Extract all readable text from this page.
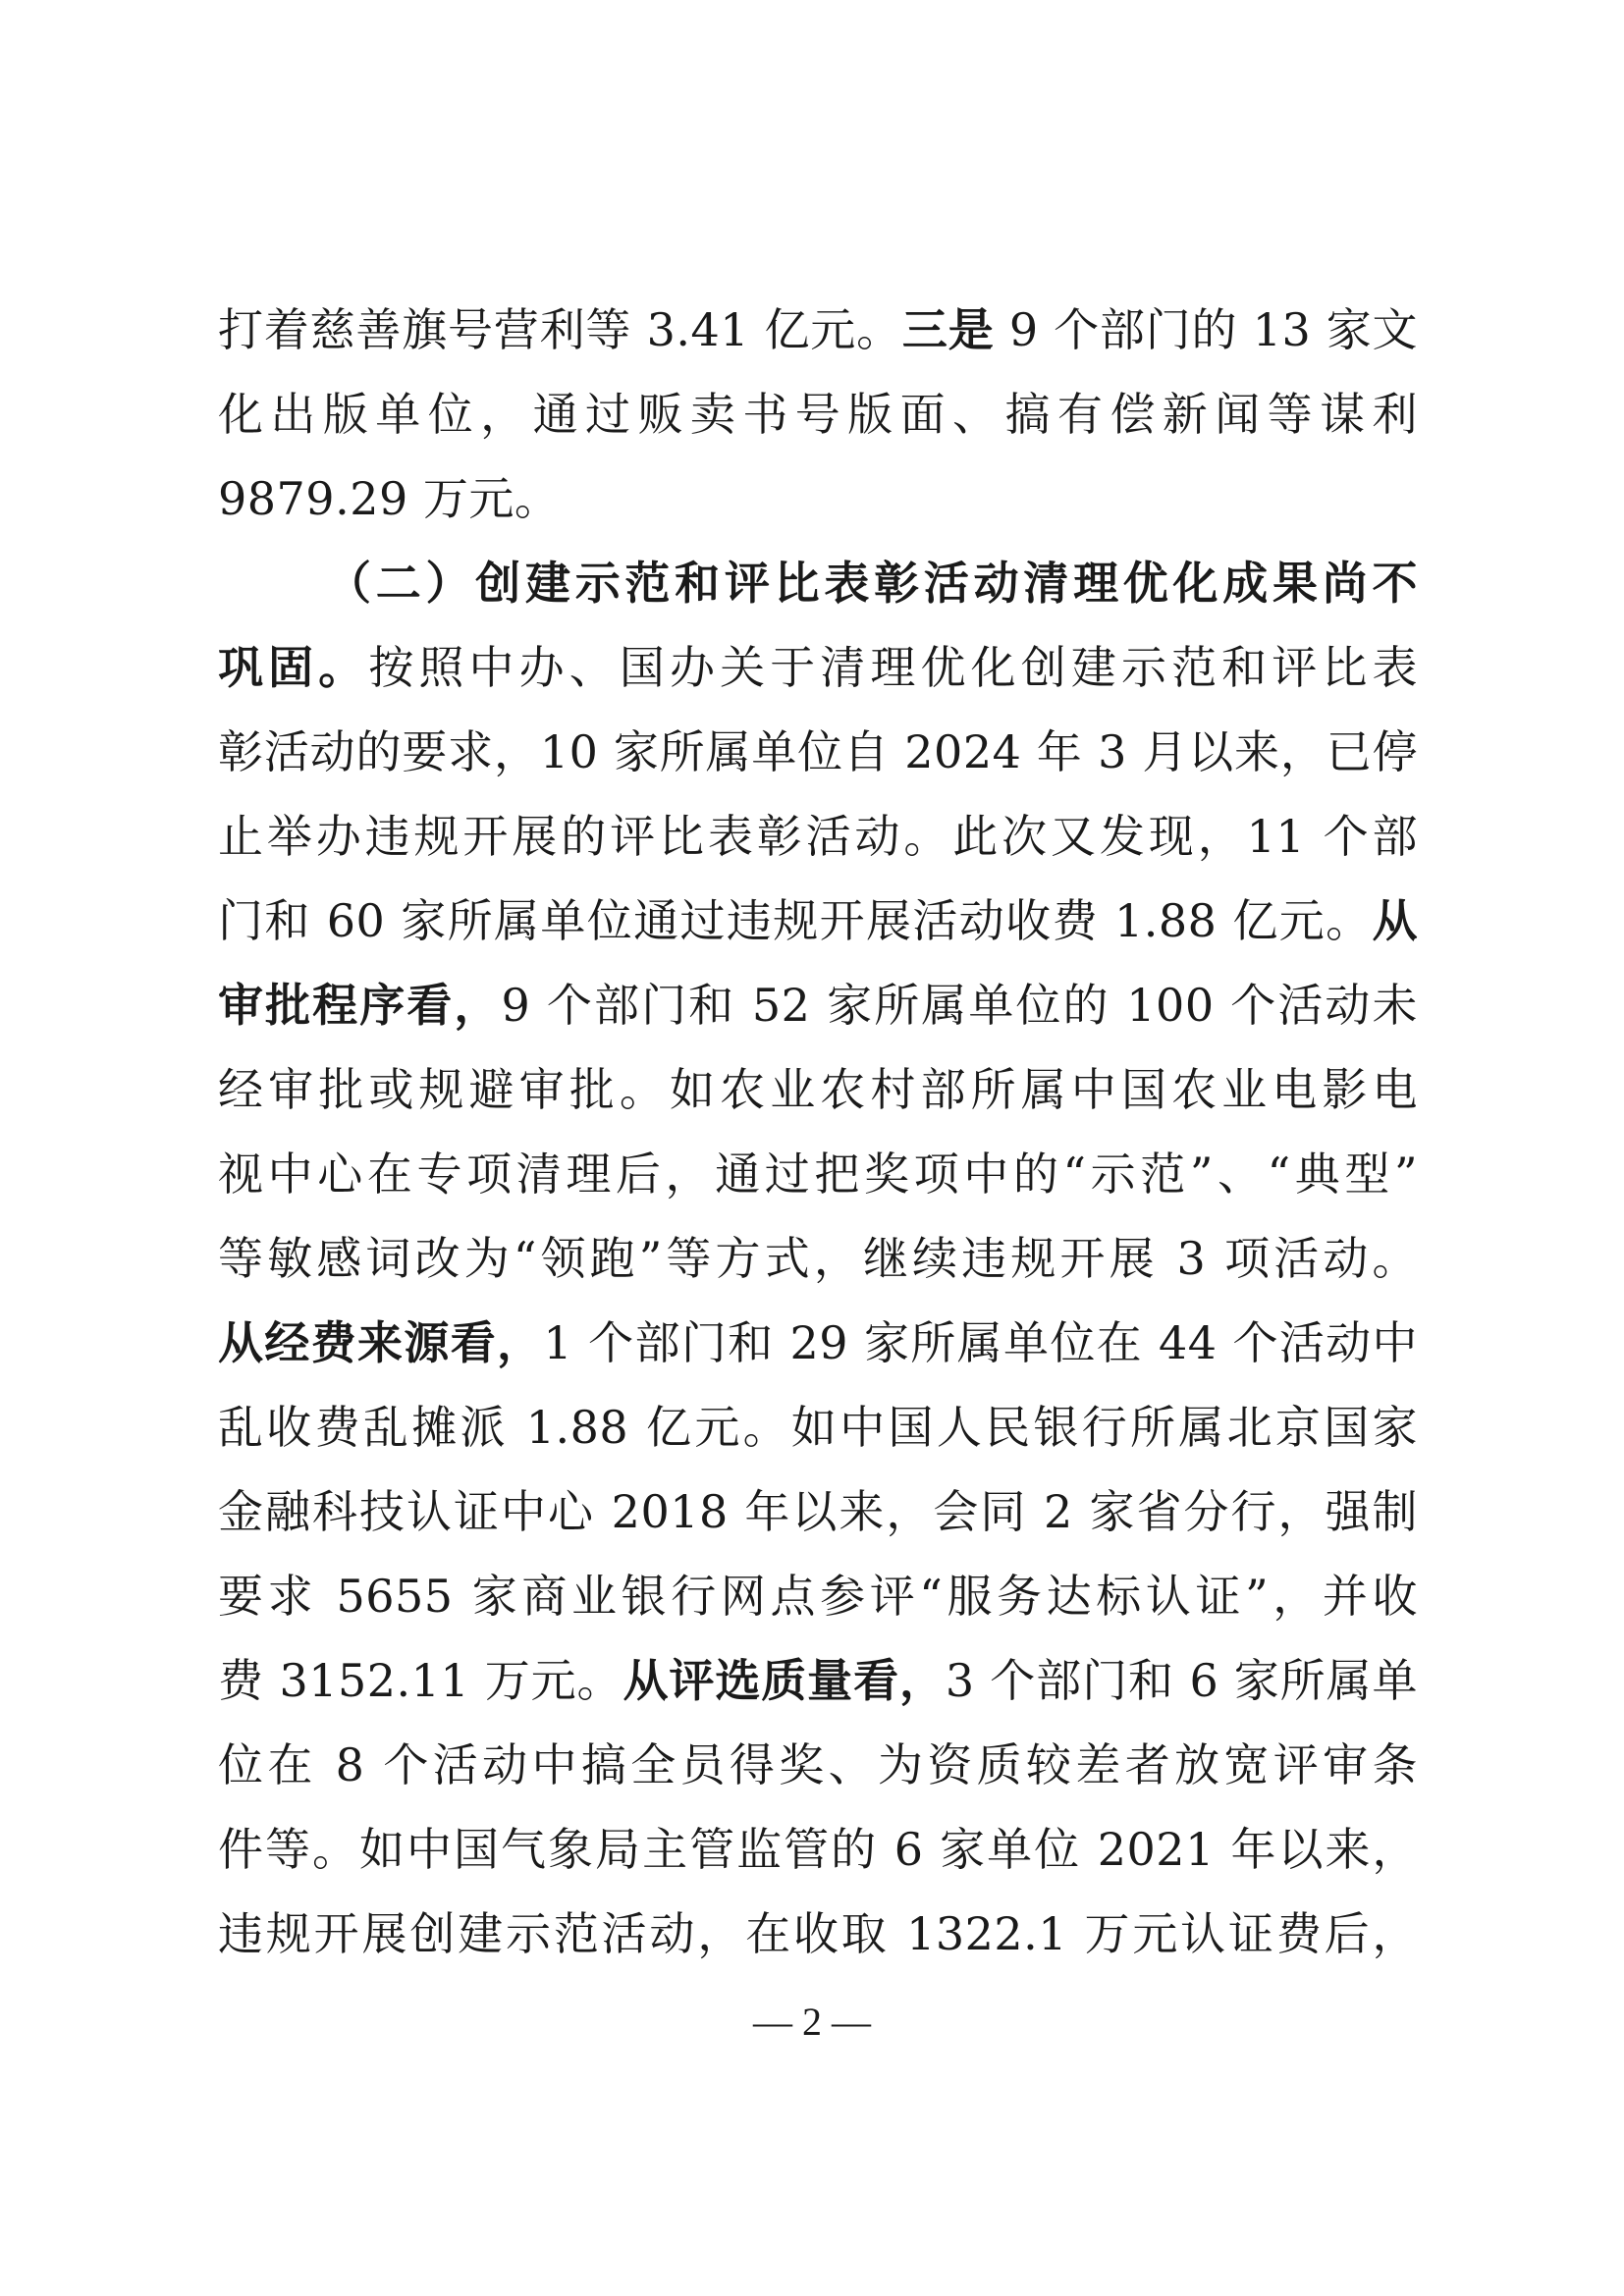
打着慈善旗号营利等 3.41 亿元。三是 9 个部门的 13 家文
化出版单位，通过贩卖书号版面、搞有偿新闻等谋利
9879.29 万元。
（二）创建示范和评比表彰活动清理优化成果尚不
巩固。按照中办、国办关于清理优化创建示范和评比表
彰活动的要求，10 家所属单位自 2024 年 3 月以来，已停
止举办违规开展的评比表彰活动。此次又发现，11 个部
门和 60 家所属单位通过违规开展活动收费 1.88 亿元。从
审批程序看，9 个部门和 52 家所属单位的 100 个活动未
经审批或规避审批。如农业农村部所属中国农业电影电
视中心在专项清理后，通过把奖项中的“示范”、“典型”
等敏感词改为“领跑”等方式，继续违规开展 3 项活动。
从经费来源看，1 个部门和 29 家所属单位在 44 个活动中
乱收费乱摊派 1.88 亿元。如中国人民银行所属北京国家
金融科技认证中心 2018 年以来，会同 2 家省分行，强制
要求 5655 家商业银行网点参评“服务达标认证”，并收
费 3152.11 万元。从评选质量看，3 个部门和 6 家所属单
位在 8 个活动中搞全员得奖、为资质较差者放宽评审条
件等。如中国气象局主管监管的 6 家单位 2021 年以来，
违规开展创建示范活动，在收取 1322.1 万元认证费后，
— 2 —
